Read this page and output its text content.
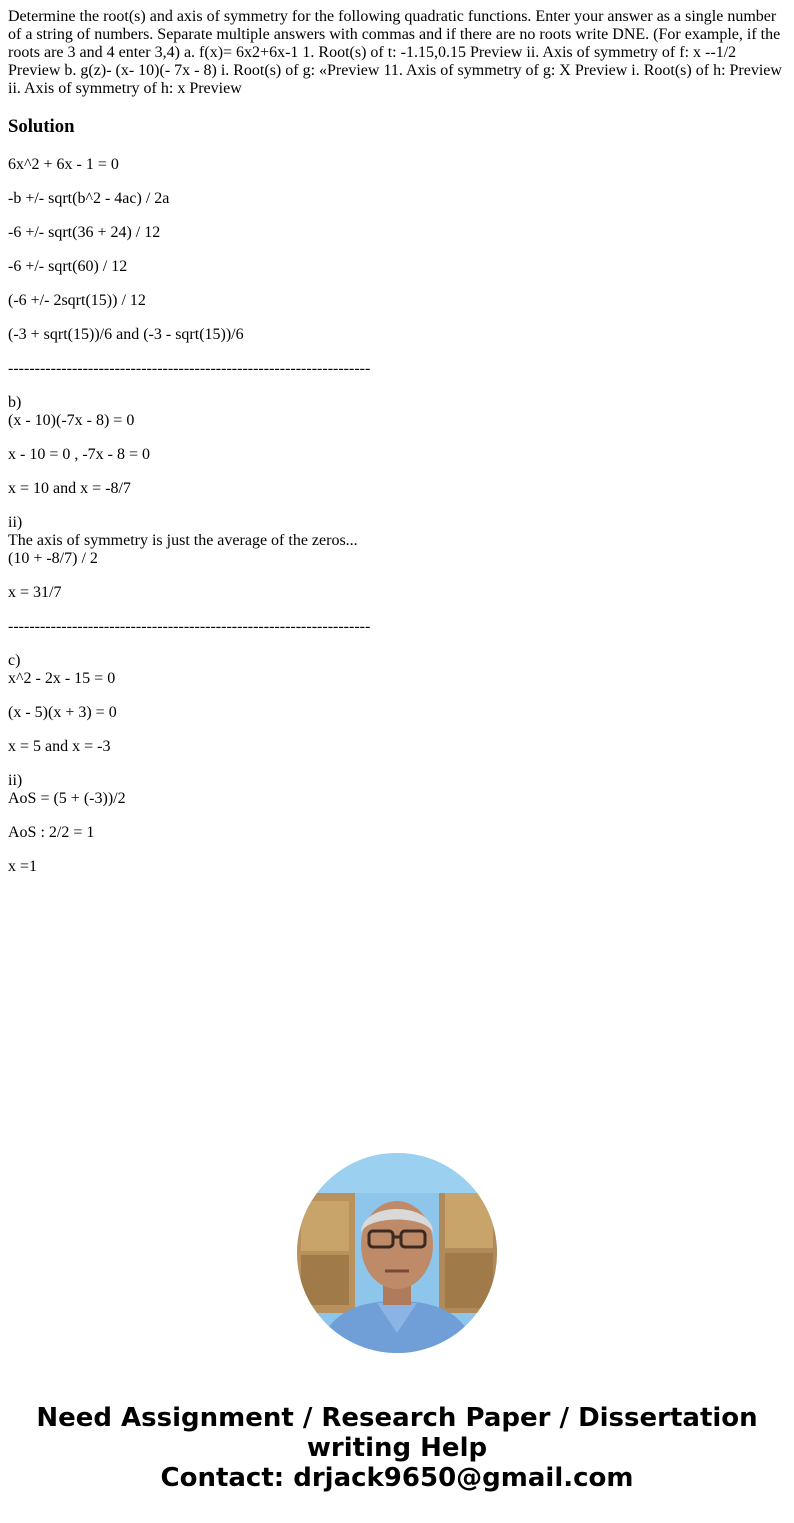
Determine the root(s) and axis of symmetry for the following quadratic functions. Enter your answer as a single number of a string of numbers. Separate multiple answers with commas and if there are no roots write DNE. (For example, if the roots are 3 and 4 enter 3,4) a. f(x)= 6x2+6x-1 1. Root(s) of t: -1.15,0.15 Preview ii. Axis of symmetry of f: x --1/2 Preview b. g(z)- (x- 10)(- 7x - 8) i. Root(s) of g: «Preview 11. Axis of symmetry of g: X Preview i. Root(s) of h: Preview ii. Axis of symmetry of h: x Preview

Solution
6x^2 + 6x - 1 = 0
-b +/- sqrt(b^2 - 4ac) / 2a
-6 +/- sqrt(36 + 24) / 12
-6 +/- sqrt(60) / 12
(-6 +/- 2sqrt(15)) / 12
(-3 + sqrt(15))/6 and (-3 - sqrt(15))/6
--------------------------------------------------------------------
b)
(x - 10)(-7x - 8) = 0
x - 10 = 0 , -7x - 8 = 0
x = 10 and x = -8/7
ii)
The axis of symmetry is just the average of the zeros...
(10 + -8/7) / 2
x = 31/7
--------------------------------------------------------------------
c)
x^2 - 2x - 15 = 0
(x - 5)(x + 3) = 0
x = 5 and x = -3
ii)
AoS = (5 + (-3))/2
AoS : 2/2 = 1
x =1
Need Assignment / Research Paper / Dissertation
writing Help
Contact: drjack9650@gmail.com
